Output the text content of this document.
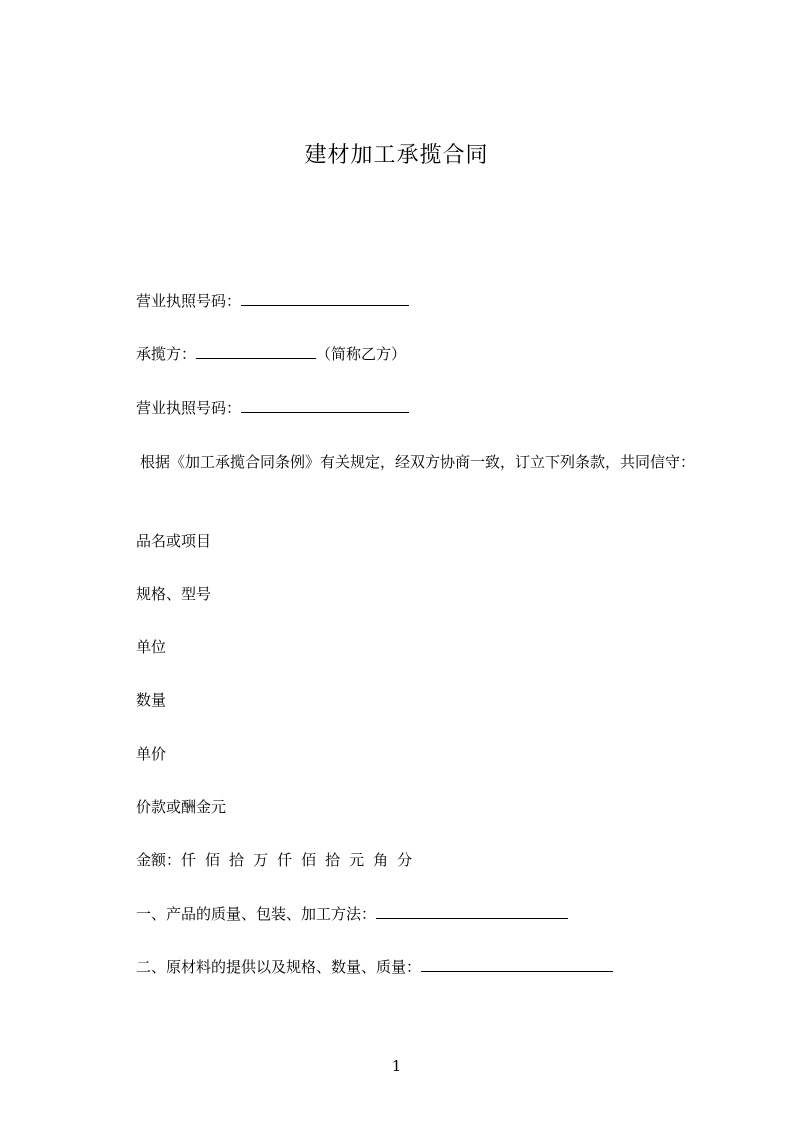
建材加工承揽合同
营业执照号码：
承揽方：	（简称乙方）
营业执照号码：
根据《加工承揽合同条例》有关规定，经双方协商一致，订立下列条款，共同信守：
品名或项目
规格、型号
单位
数量
单价
价款或酬金元
金额：仟 佰 拾 万 仟 佰 拾 元 角 分
一、产品的质量、包装、加工方法：
二、原材料的提供以及规格、数量、质量：
1
